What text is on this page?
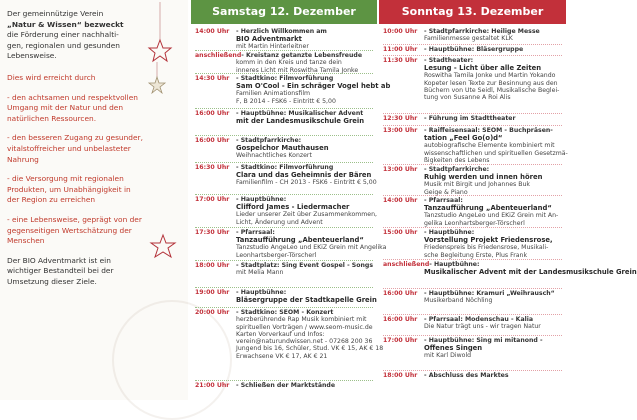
Der gemeinnützige Verein
„Natur & Wissen“ bezweckt
die Förderung einer nachhalti-
gen, regionalen und gesunden
Lebensweise.

Dies wird erreicht durch

- den achtsamen und respektvollen
Umgang mit der Natur und den
natürlichen Ressourcen.

- den besseren Zugang zu gesunder,
vitalstoffreicher und unbelasteter
Nahrung

- die Versorgung mit regionalen
Produkten, um Unabhängigkeit in
der Region zu erreichen

- eine Lebensweise, geprägt von der
gegenseitigen Wertschätzung der
Menschen

Der BIO Adventmarkt ist ein
wichtiger Bestandteil bei der
Umsetzung dieser Ziele.

Samstag 12. Dezember
14:00 Uhr - Herzlich Willkommen am
BIO Adventmarkt
mit Martin Hinterleitner
anschließend- Kreistanz getanzte Lebensfreude
komm in den Kreis und tanze dein
inneres Licht mit Roswitha Tamila Jonke
14:30 Uhr - Stadtkino: Filmvorführung
Sam O'Cool - Ein schräger Vogel hebt ab
Familien Animationsfilm
F, B 2014 - FSK6 - Eintritt € 5,00
16:00 Uhr - Hauptbühne: Musikalischer Advent
mit der Landesmusikschule Grein
16:00 Uhr - Stadtpfarrkirche:
Gospelchor Mauthausen
Weihnachtliches Konzert
16:30 Uhr - Stadtkino: Filmvorführung
Clara und das Geheimnis der Bären
Familienfilm - CH 2013 - FSK6 - Eintritt € 5,00
17:00 Uhr - Hauptbühne:
Clifford James - Liedermacher
Lieder unserer Zeit über Zusammenkommen,
Licht, Änderung und Advent
17:30 Uhr - Pfarrsaal:
Tanzaufführung „Abenteuerland“
Tanzstudio AngeLeo und EKiZ Grein mit Angelika
Leonhartsberger-Törscherl
18:00 Uhr - Stadtplatz: Sing Event Gospel - Songs
mit Melia Mann
19:00 Uhr - Hauptbühne:
Bläsergruppe der Stadtkapelle Grein
20:00 Uhr - Stadtkino: SEOM - Konzert
herzberührende Rap Musik kombiniert mit
spirituellen Vorträgen / www.seom-music.de
Karten Vorverkauf und Infos:
verein@naturundwissen.net - 07268 200 36
Jungend bis 16, Schüler, Stud. VK € 15, AK € 18
Erwachsene VK € 17, AK € 21
21:00 Uhr - Schließen der Marktstände
Sonntag 13. Dezember
10:00 Uhr - Stadtpfarrkirche: Heilige Messe
Familienmesse gestaltet KLK
11:00 Uhr - Hauptbühne: Bläsergruppe
11:30 Uhr - Stadtheater:
Lesung - Licht über alle Zeiten
Roswitha Tamila Jonke und Martin Yokando
Kopeter lesen Texte zur Besinnung aus den
Büchern von Ute Seidl, Musikalische Beglei-
tung von Susanne A Roi Alis
12:30 Uhr - Führung im Stadttheater
13:00 Uhr - Raiffeisensaal: SEOM - Buchpräsen-
tation „Feel Go(o)d“
autobiografische Elemente kombiniert mit
wissenschaftlichen und spirituellen Gesetzmä-
ßigkeiten des Lebens
13:00 Uhr - Stadtpfarrkirche:
Ruhig werden und innen hören
Musik mit Birgit und Johannes Buk
Geige & Piano
14:00 Uhr - Pfarrsaal:
Tanzaufführung „Abenteuerland“
Tanzstudio AngeLeo und EKiZ Grein mit An-
gelika Leonhartsberger-Törscherl
15:00 Uhr - Hauptbühne:
Vorstellung Projekt Friedensrose,
Friedenspreis bis Friedensrose, Musikali-
sche Begleitung Erste, Plus Frank
anschließend- Hauptbühne:
Musikalischer Advent mit der Landesmusikschule Grein
16:00 Uhr - Hauptbühne: Kramuri „Weihrausch“
Musikerband Nöchling
16:00 Uhr - Pfarrsaal: Modenschau - Kalia
Die Natur trägt uns - wir tragen Natur
17:00 Uhr - Hauptbühne: Sing mi mitanond -
Offenes Singen
mit Karl Diwold
18:00 Uhr - Abschluss des Marktes
